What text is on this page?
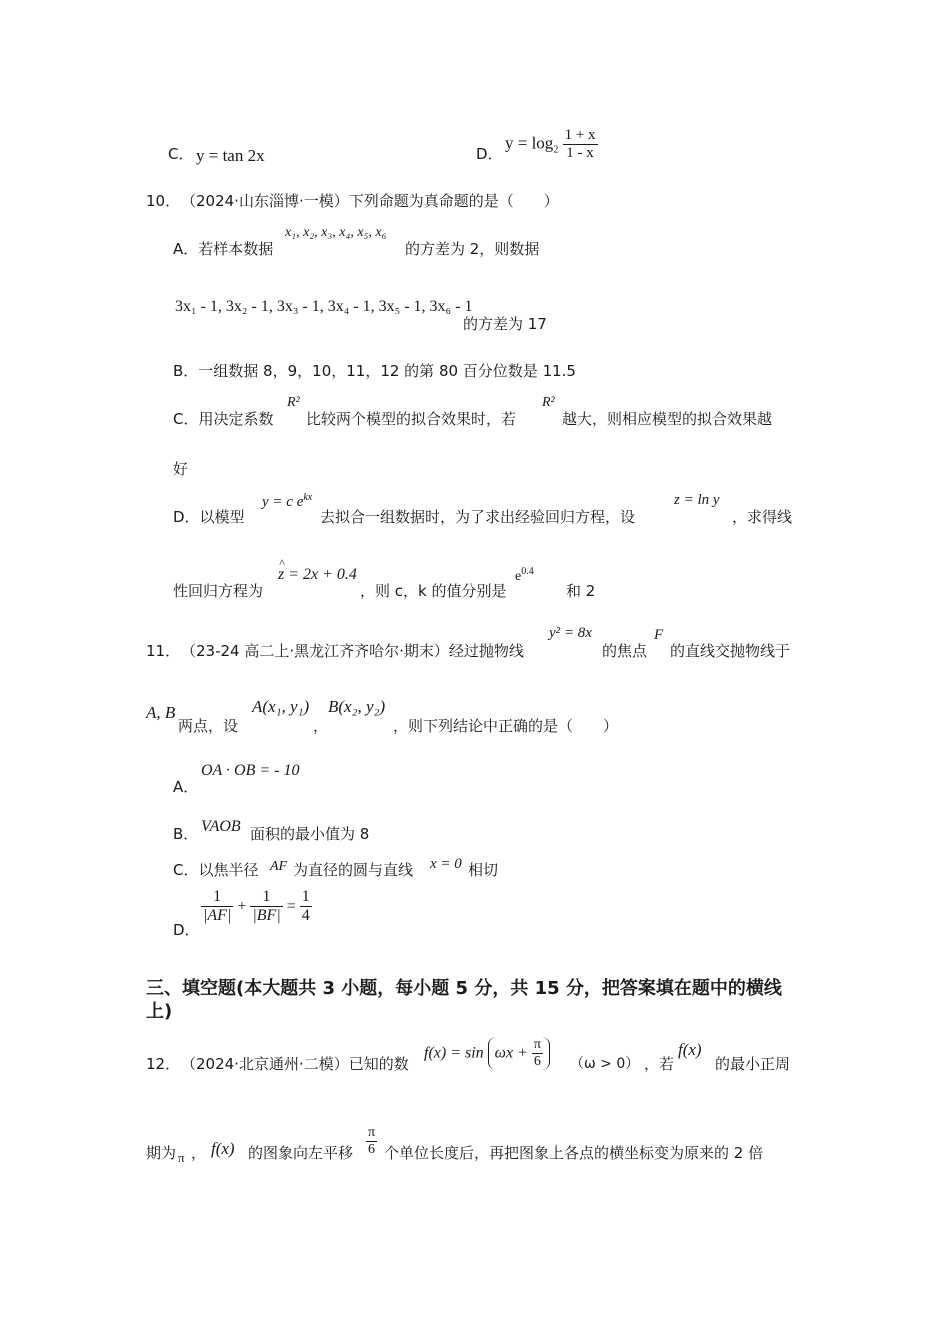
C． y = tan 2x	D．
$y = \log_2 \frac{1 + x}{1 - x}$
10． （2024·山东淄博·一模）下列命题为真命题的是（　　）
A．若样本数据
x₁, x₂, x₃, x₄, x₅, x₆
的方差为 2，则数据
3x₁ - 1, 3x₂ - 1, 3x₃ - 1, 3x₄ - 1, 3x₅ - 1, 3x₆ - 1
的方差为 17
B．一组数据 8，9，10，11，12 的第 80 百分位数是 11.5
C．用决定系数
R²
比较两个模型的拟合效果时，若
R²
越大，则相应模型的拟合效果越
好
D．以模型
y = c $e^{kx}$
去拟合一组数据时，为了求出经验回归方程，设
z = ln y
，求得线
性回归方程为
^
z = 2x + 0.4
，则 c，k 的值分别是
$e^{0.4}$
和 2
11． （23-24 高二上·黑龙江齐齐哈尔·期末）经过抛物线
y² = 8x
的焦点
F
的直线交抛物线于
A, B
两点，设
A(x₁, y₁)
，
B(x₂, y₂)
，则下列结论中正确的是（　　）
A．
OA · OB = - 10
B． VAOB 面积的最小值为 8
C．以焦半径 AF 为直径的圆与直线 x = 0 相切
D．
$\frac{1}{|AF|} + \frac{1}{|BF|} = \frac{1}{4}$
三、填空题(本大题共 3 小题，每小题 5 分，共 15 分，把答案填在题中的横线上)
12． （2024·北京通州·二模）已知的数
$f(x) = \sin \omega x + \frac{\pi}{6} (\omega > 0)$ ，若
f(x)
的最小正周
期为 π ， f(x) 的图象向左平移 $\frac{\pi}{6}$ 个单位长度后，再把图象上各点的横坐标变为原来的 2 倍
